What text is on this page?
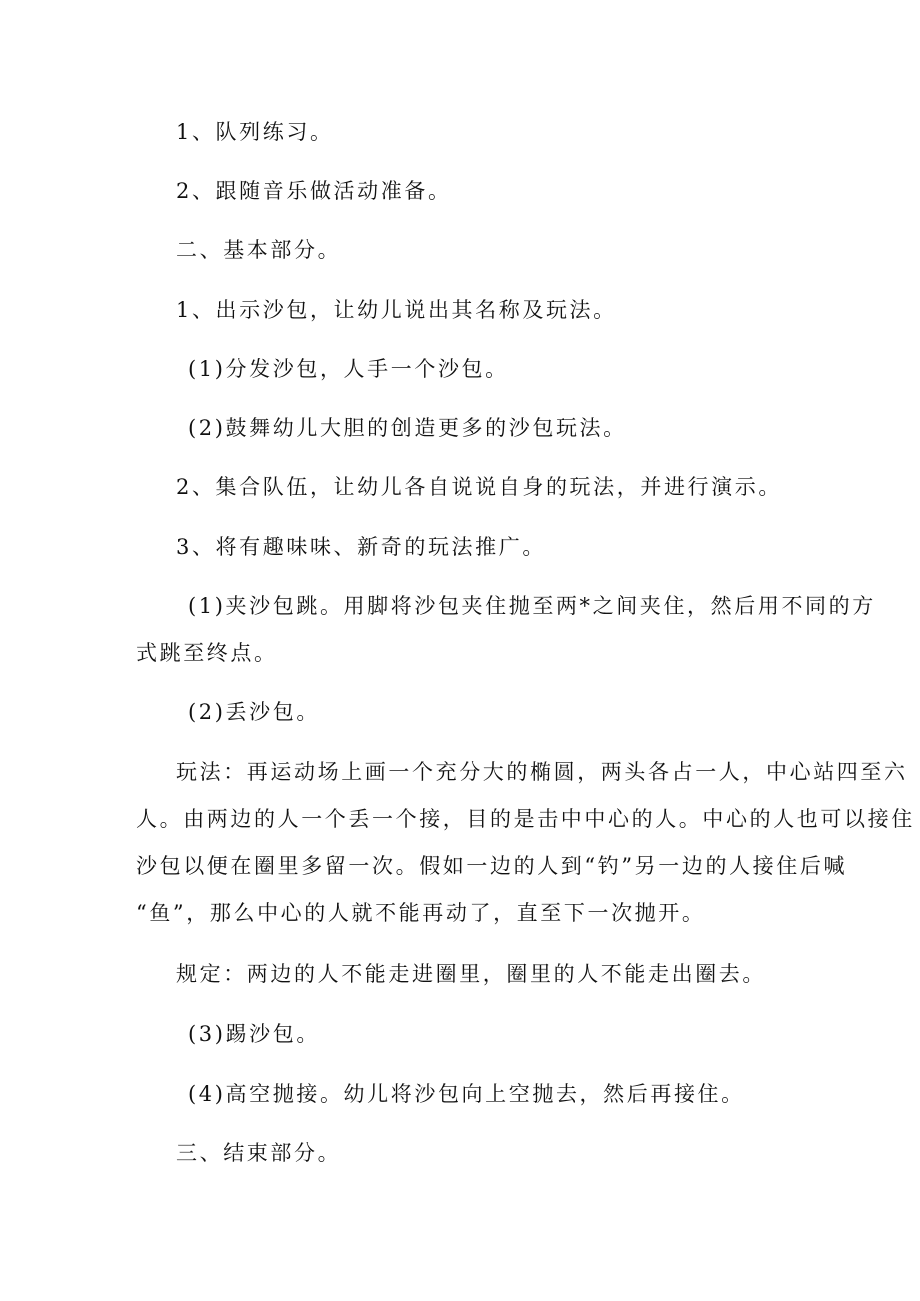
1、队列练习。
2、跟随音乐做活动准备。
二、基本部分。
1、出示沙包，让幼儿说出其名称及玩法。
(1)分发沙包，人手一个沙包。
(2)鼓舞幼儿大胆的创造更多的沙包玩法。
2、集合队伍，让幼儿各自说说自身的玩法，并进行演示。
3、将有趣味味、新奇的玩法推广。
(1)夹沙包跳。用脚将沙包夹住抛至两*之间夹住，然后用不同的方
式跳至终点。
(2)丢沙包。
玩法：再运动场上画一个充分大的椭圆，两头各占一人，中心站四至六
人。由两边的人一个丢一个接，目的是击中中心的人。中心的人也可以接住
沙包以便在圈里多留一次。假如一边的人到“钓”另一边的人接住后喊
“鱼”，那么中心的人就不能再动了，直至下一次抛开。
规定：两边的人不能走进圈里，圈里的人不能走出圈去。
(3)踢沙包。
(4)高空抛接。幼儿将沙包向上空抛去，然后再接住。
三、结束部分。
